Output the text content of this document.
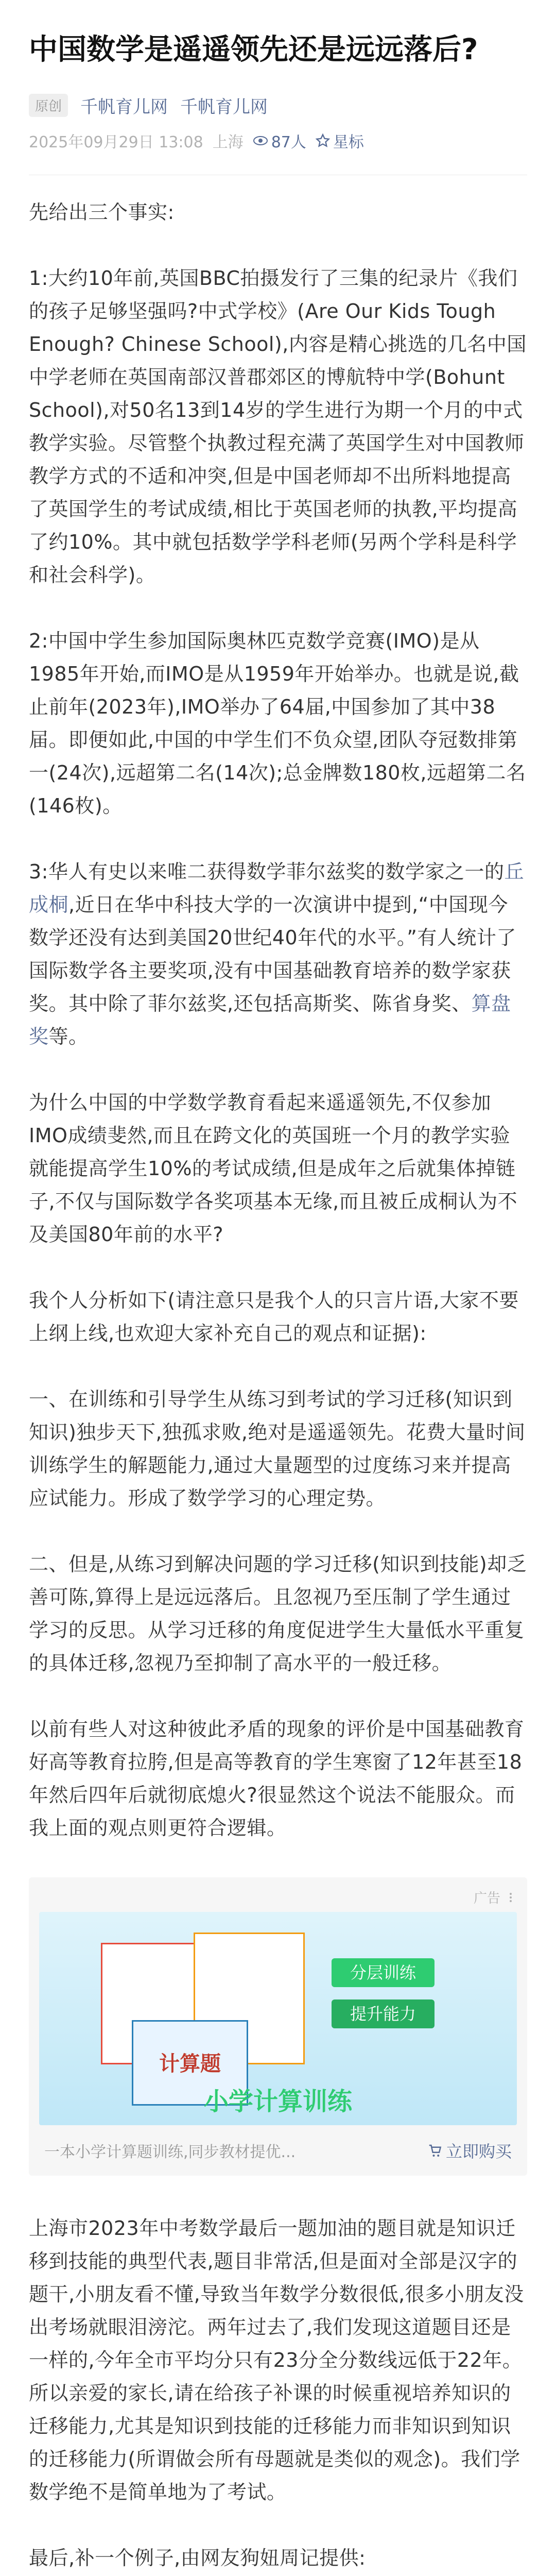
中国数学是遥遥领先还是远远落后?
原创	千帆育儿网 千帆育儿网
2025年09月29日 13:08 上海 87人 星标

先给出三个事实:

1:大约10年前,英国BBC拍摄发行了三集的纪录片《我们的孩子足够坚强吗?中式学校》(Are Our Kids Tough Enough? Chinese School),内容是精心挑选的几名中国中学老师在英国南部汉普郡郊区的博航特中学(Bohunt School),对50名13到14岁的学生进行为期一个月的中式教学实验。尽管整个执教过程充满了英国学生对中国教师教学方式的不适和冲突,但是中国老师却不出所料地提高了英国学生的考试成绩,相比于英国老师的执教,平均提高了约10%。其中就包括数学学科老师(另两个学科是科学和社会科学)。

2:中国中学生参加国际奥林匹克数学竞赛(IMO)是从1985年开始,而IMO是从1959年开始举办。也就是说,截止前年(2023年),IMO举办了64届,中国参加了其中38届。即便如此,中国的中学生们不负众望,团队夺冠数排第一(24次),远超第二名(14次);总金牌数180枚,远超第二名(146枚)。

3:华人有史以来唯二获得数学菲尔兹奖的数学家之一的丘成桐,近日在华中科技大学的一次演讲中提到,“中国现今数学还没有达到美国20世纪40年代的水平。”有人统计了国际数学各主要奖项,没有中国基础教育培养的数学家获奖。其中除了菲尔兹奖,还包括高斯奖、陈省身奖、算盘奖等。

为什么中国的中学数学教育看起来遥遥领先,不仅参加IMO成绩斐然,而且在跨文化的英国班一个月的教学实验就能提高学生10%的考试成绩,但是成年之后就集体掉链子,不仅与国际数学各奖项基本无缘,而且被丘成桐认为不及美国80年前的水平?

我个人分析如下(请注意只是我个人的只言片语,大家不要上纲上线,也欢迎大家补充自己的观点和证据):

一、在训练和引导学生从练习到考试的学习迁移(知识到知识)独步天下,独孤求败,绝对是遥遥领先。花费大量时间训练学生的解题能力,通过大量题型的过度练习来并提高应试能力。形成了数学学习的心理定势。

二、但是,从练习到解决问题的学习迁移(知识到技能)却乏善可陈,算得上是远远落后。且忽视乃至压制了学生通过学习的反思。从学习迁移的角度促进学生大量低水平重复的具体迁移,忽视乃至抑制了高水平的一般迁移。

以前有些人对这种彼此矛盾的现象的评价是中国基础教育好高等教育拉胯,但是高等教育的学生寒窗了12年甚至18年然后四年后就彻底熄火?很显然这个说法不能服众。而我上面的观点则更符合逻辑。

广告
计算题
分层训练
提升能力
小学计算训练
一本小学计算题训练,同步教材提优...	立即购买

上海市2023年中考数学最后一题加油的题目就是知识迁移到技能的典型代表,题目非常活,但是面对全部是汉字的题干,小朋友看不懂,导致当年数学分数很低,很多小朋友没出考场就眼泪滂沱。两年过去了,我们发现这道题目还是一样的,今年全市平均分只有23分全分数线远低于22年。所以亲爱的家长,请在给孩子补课的时候重视培养知识的迁移能力,尤其是知识到技能的迁移能力而非知识到知识的迁移能力(所谓做会所有母题就是类似的观念)。我们学数学绝不是简单地为了考试。

最后,补一个例子,由网友狗妞周记提供:
